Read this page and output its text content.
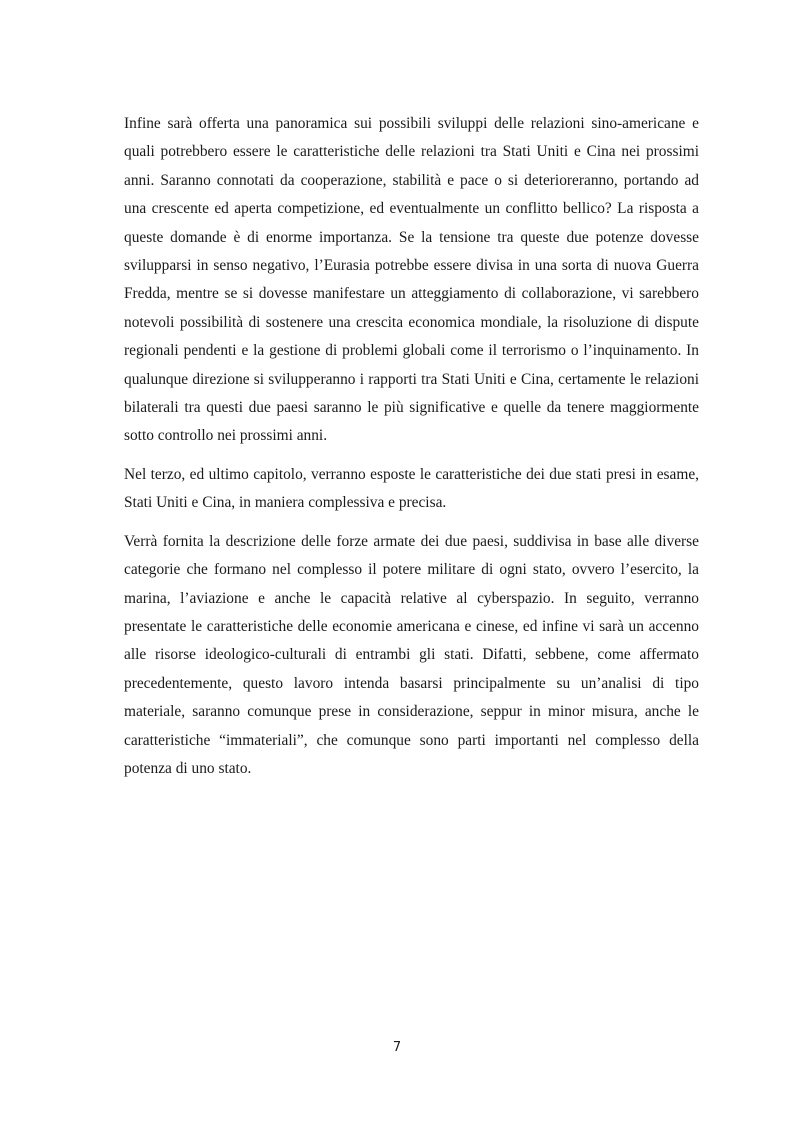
Infine sarà offerta una panoramica sui possibili sviluppi delle relazioni sino-americane e quali potrebbero essere le caratteristiche delle relazioni tra Stati Uniti e Cina nei prossimi anni. Saranno connotati da cooperazione, stabilità e pace o si deterioreranno, portando ad una crescente ed aperta competizione, ed eventualmente un conflitto bellico? La risposta a queste domande è di enorme importanza. Se la tensione tra queste due potenze dovesse svilupparsi in senso negativo, l’Eurasia potrebbe essere divisa in una sorta di nuova Guerra Fredda, mentre se si dovesse manifestare un atteggiamento di collaborazione, vi sarebbero notevoli possibilità di sostenere una crescita economica mondiale, la risoluzione di dispute regionali pendenti e la gestione di problemi globali come il terrorismo o l’inquinamento. In qualunque direzione si svilupperanno i rapporti tra Stati Uniti e Cina, certamente le relazioni bilaterali tra questi due paesi saranno le più significative e quelle da tenere maggiormente sotto controllo nei prossimi anni.

Nel terzo, ed ultimo capitolo, verranno esposte le caratteristiche dei due stati presi in esame, Stati Uniti e Cina, in maniera complessiva e precisa.

Verrà fornita la descrizione delle forze armate dei due paesi, suddivisa in base alle diverse categorie che formano nel complesso il potere militare di ogni stato, ovvero l’esercito, la marina, l’aviazione e anche le capacità relative al cyberspazio. In seguito, verranno presentate le caratteristiche delle economie americana e cinese, ed infine vi sarà un accenno alle risorse ideologico-culturali di entrambi gli stati. Difatti, sebbene, come affermato precedentemente, questo lavoro intenda basarsi principalmente su un’analisi di tipo materiale, saranno comunque prese in considerazione, seppur in minor misura, anche le caratteristiche “immateriali”, che comunque sono parti importanti nel complesso della potenza di uno stato.

7
